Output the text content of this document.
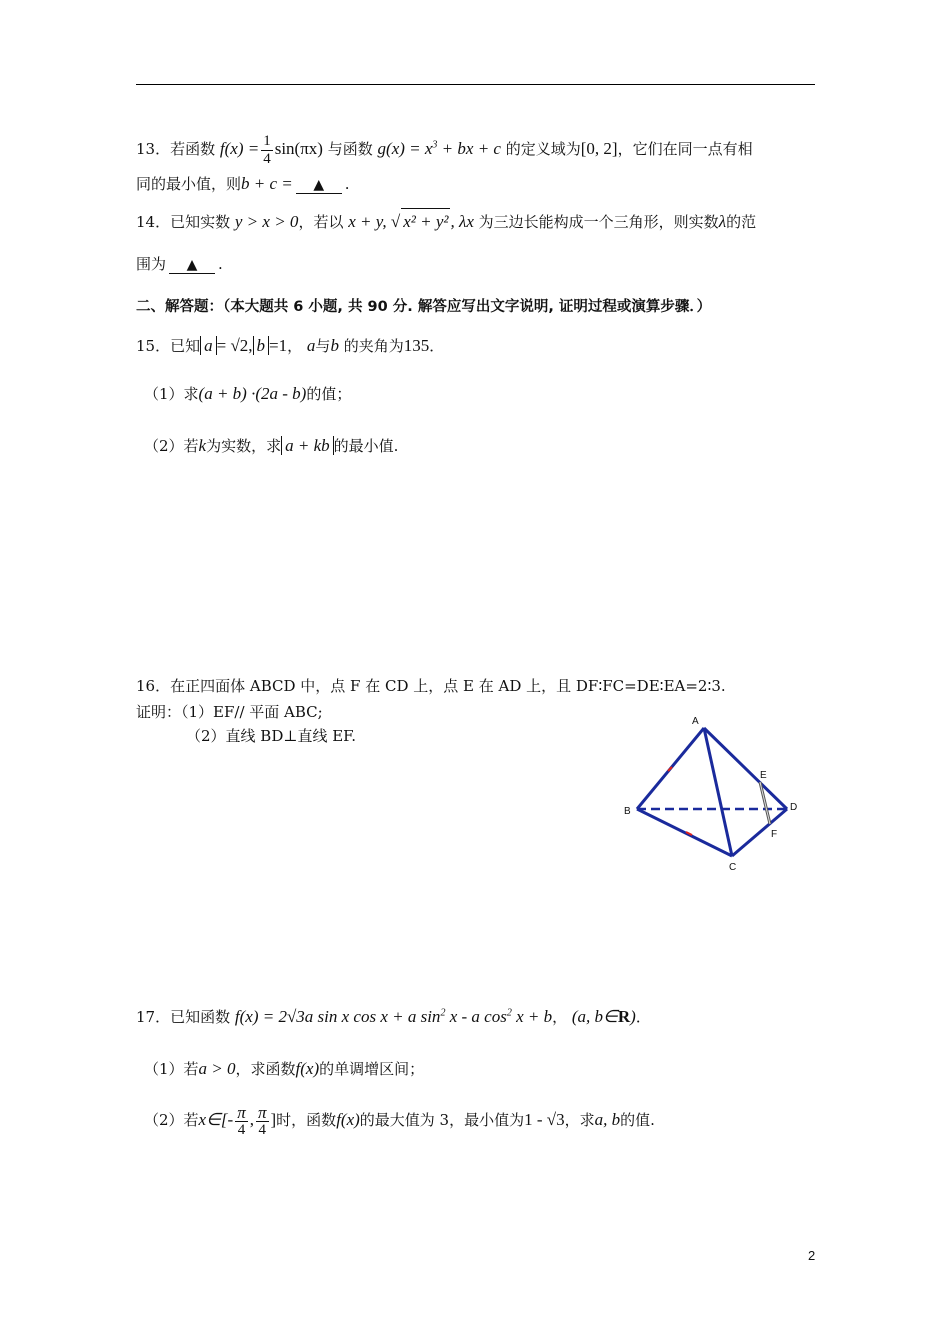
13．若函数 $f(x) = \frac{1}{4} \sin(\pi x)$ 与函数 $g(x) = x^3$ + bx + c 的定义域为[0, 2]，它们在同一点有相
同的最小值，则b + c = ▲ .
14．已知实数 y > x > 0，若以 x + y, √ x² + y² , λx 为三边长能构成一个三角形，则实数λ的范
围为 ▲ .
二、解答题：（本大题共 6 小题, 共 90 分. 解答应写出文字说明, 证明过程或演算步骤．）
15．已知 a = √2, b =1， a与b 的夹角为135．
（1）求(a + b) ·(2a - b)的值；
（2）若k为实数，求 a + kb 的最小值.
16．在正四面体 ABCD 中，点 F 在 CD 上，点 E 在 AD 上，且 DF∶FC=DE∶EA=2∶3.
证明：（1）EF// 平面 ABC;
（2）直线 BD⊥直线 EF.
A
B
C
D
E
F
17．已知函数 f(x) = 2√3a sin x cos x + a $\sin^2 x$ - a $\cos^2 x + b$， (a, b∈R)．
（1）若a > 0，求函数f(x)的单调增区间；
（2）若x∈[- $\frac{\pi}{4}$ , $\frac{\pi}{4}$ ]时，函数f(x)的最大值为 3，最小值为1 - √3，求a, b的值.
2
